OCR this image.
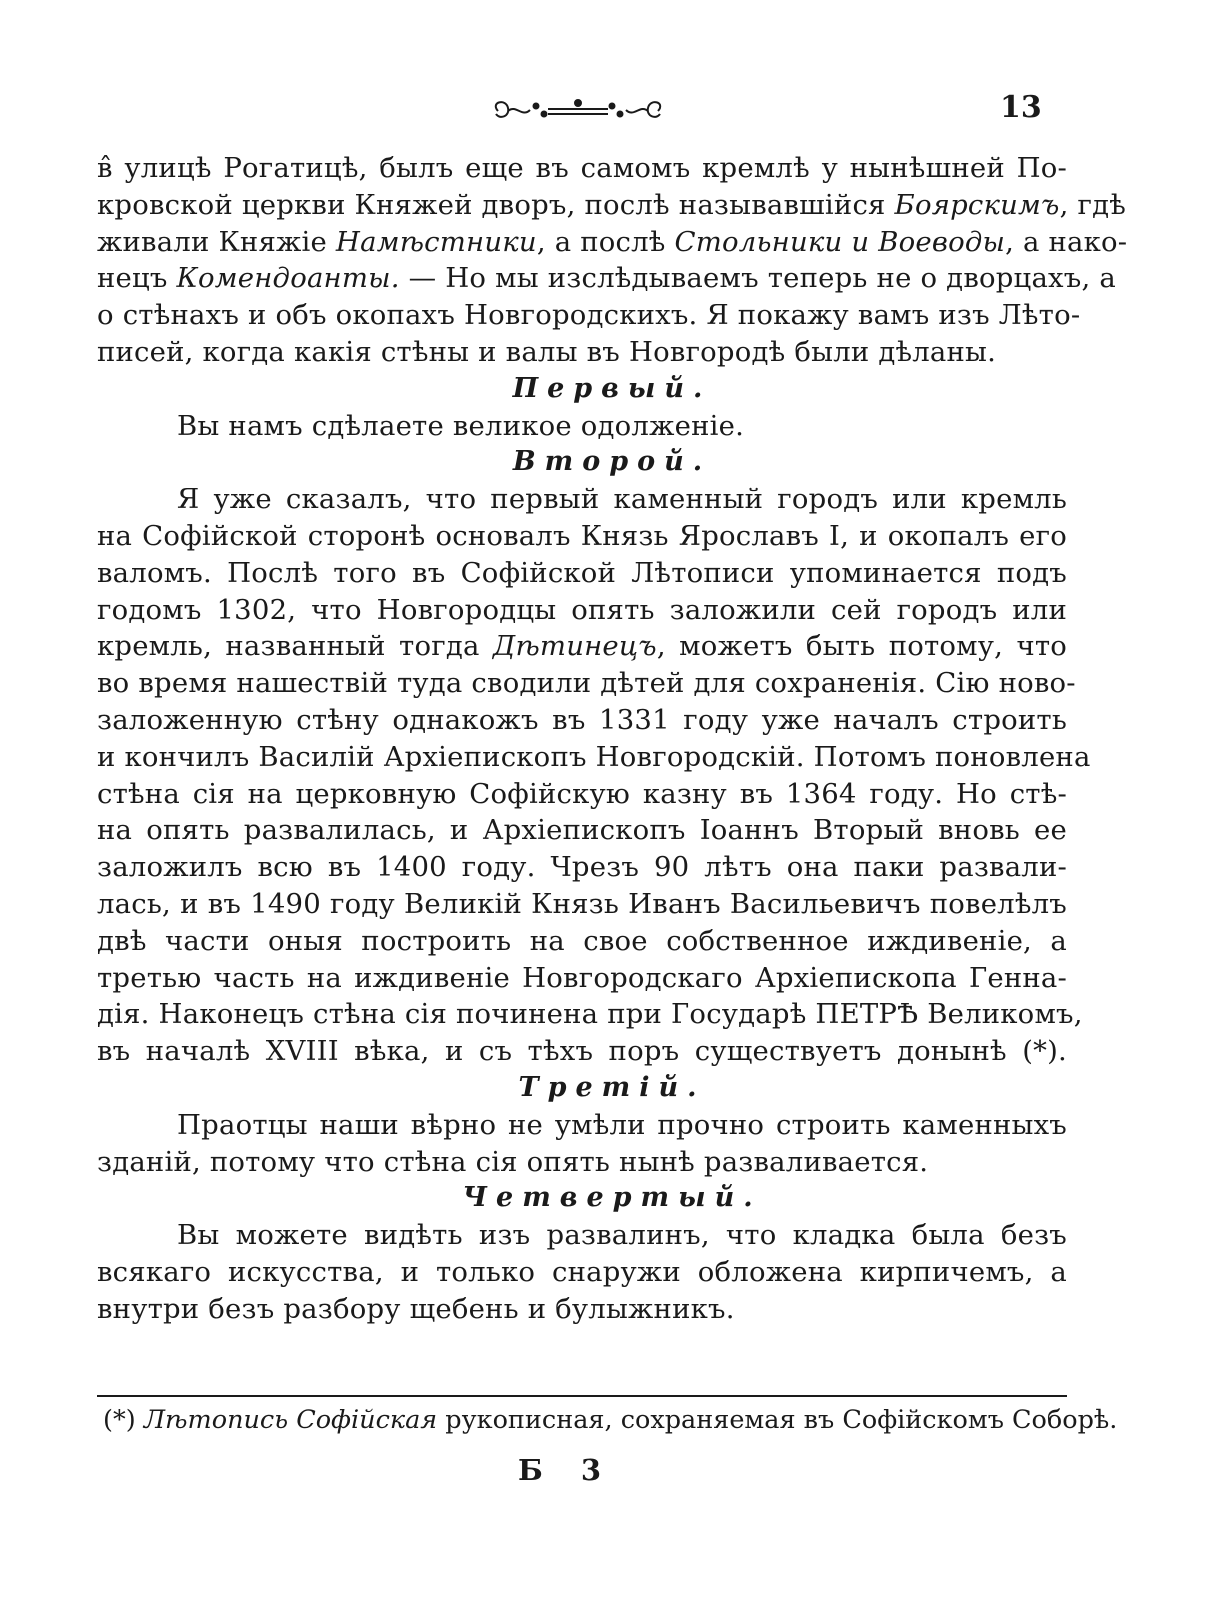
13
в̂ улицѣ Рогатицѣ, былъ еще въ самомъ кремлѣ у нынѣшней По-
кровской церкви Княжей дворъ, послѣ называвшiйся Боярскимъ, гдѣ
живали Княжiе Намѣстники, а послѣ Стольники и Воеводы, а нако-
нецъ Комендоанты. — Но мы изслѣдываемъ теперь не о дворцахъ, а
о стѣнахъ и объ окопахъ Новгородскихъ. Я покажу вамъ изъ Лѣто-
писей, когда какiя стѣны и валы въ Новгородѣ были дѣланы.
Первый.
Вы намъ сдѣлаете великое одолженiе.
Второй.
Я уже сказалъ, что первый каменный городъ или кремль
на Софiйской сторонѣ основалъ Князь Ярославъ I, и окопалъ его
валомъ. Послѣ того въ Софiйской Лѣтописи упоминается подъ
годомъ 1302, что Новгородцы опять заложили сей городъ или
кремль, названный тогда Дѣтинецъ, можетъ быть потому, что
во время нашествiй туда сводили дѣтей для сохраненiя. Сiю ново-
заложенную стѣну однакожъ въ 1331 году уже началъ строить
и кончилъ Василiй Архiепископъ Новгородскiй. Потомъ поновлена
стѣна сiя на церковную Софiйскую казну въ 1364 году. Но стѣ-
на опять развалилась, и Архiепископъ Iоаннъ Вторый вновь ее
заложилъ всю въ 1400 году. Чрезъ 90 лѣтъ она паки развали-
лась, и въ 1490 году Великiй Князь Иванъ Васильевичъ повелѣлъ
двѣ части оныя построить на свое собственное иждивенiе, а
третью часть на иждивенiе Новгородскаго Архiепископа Генна-
дiя. Наконецъ стѣна сiя починена при Государѣ ПЕТРѢ Великомъ,
въ началѣ XVIII вѣка, и съ тѣхъ поръ существуетъ донынѣ (*).
Третiй.
Праотцы наши вѣрно не умѣли прочно строить каменныхъ
зданiй, потому что стѣна сiя опять нынѣ разваливается.
Четвертый.
Вы можете видѣть изъ развалинъ, что кладка была безъ
всякаго искусства, и только снаружи обложена кирпичемъ, а
внутри безъ разбору щебень и булыжникъ.
(*) Лѣтопись Софiйская рукописная, сохраняемая въ Софiйскомъ Соборѣ.
Б 3
